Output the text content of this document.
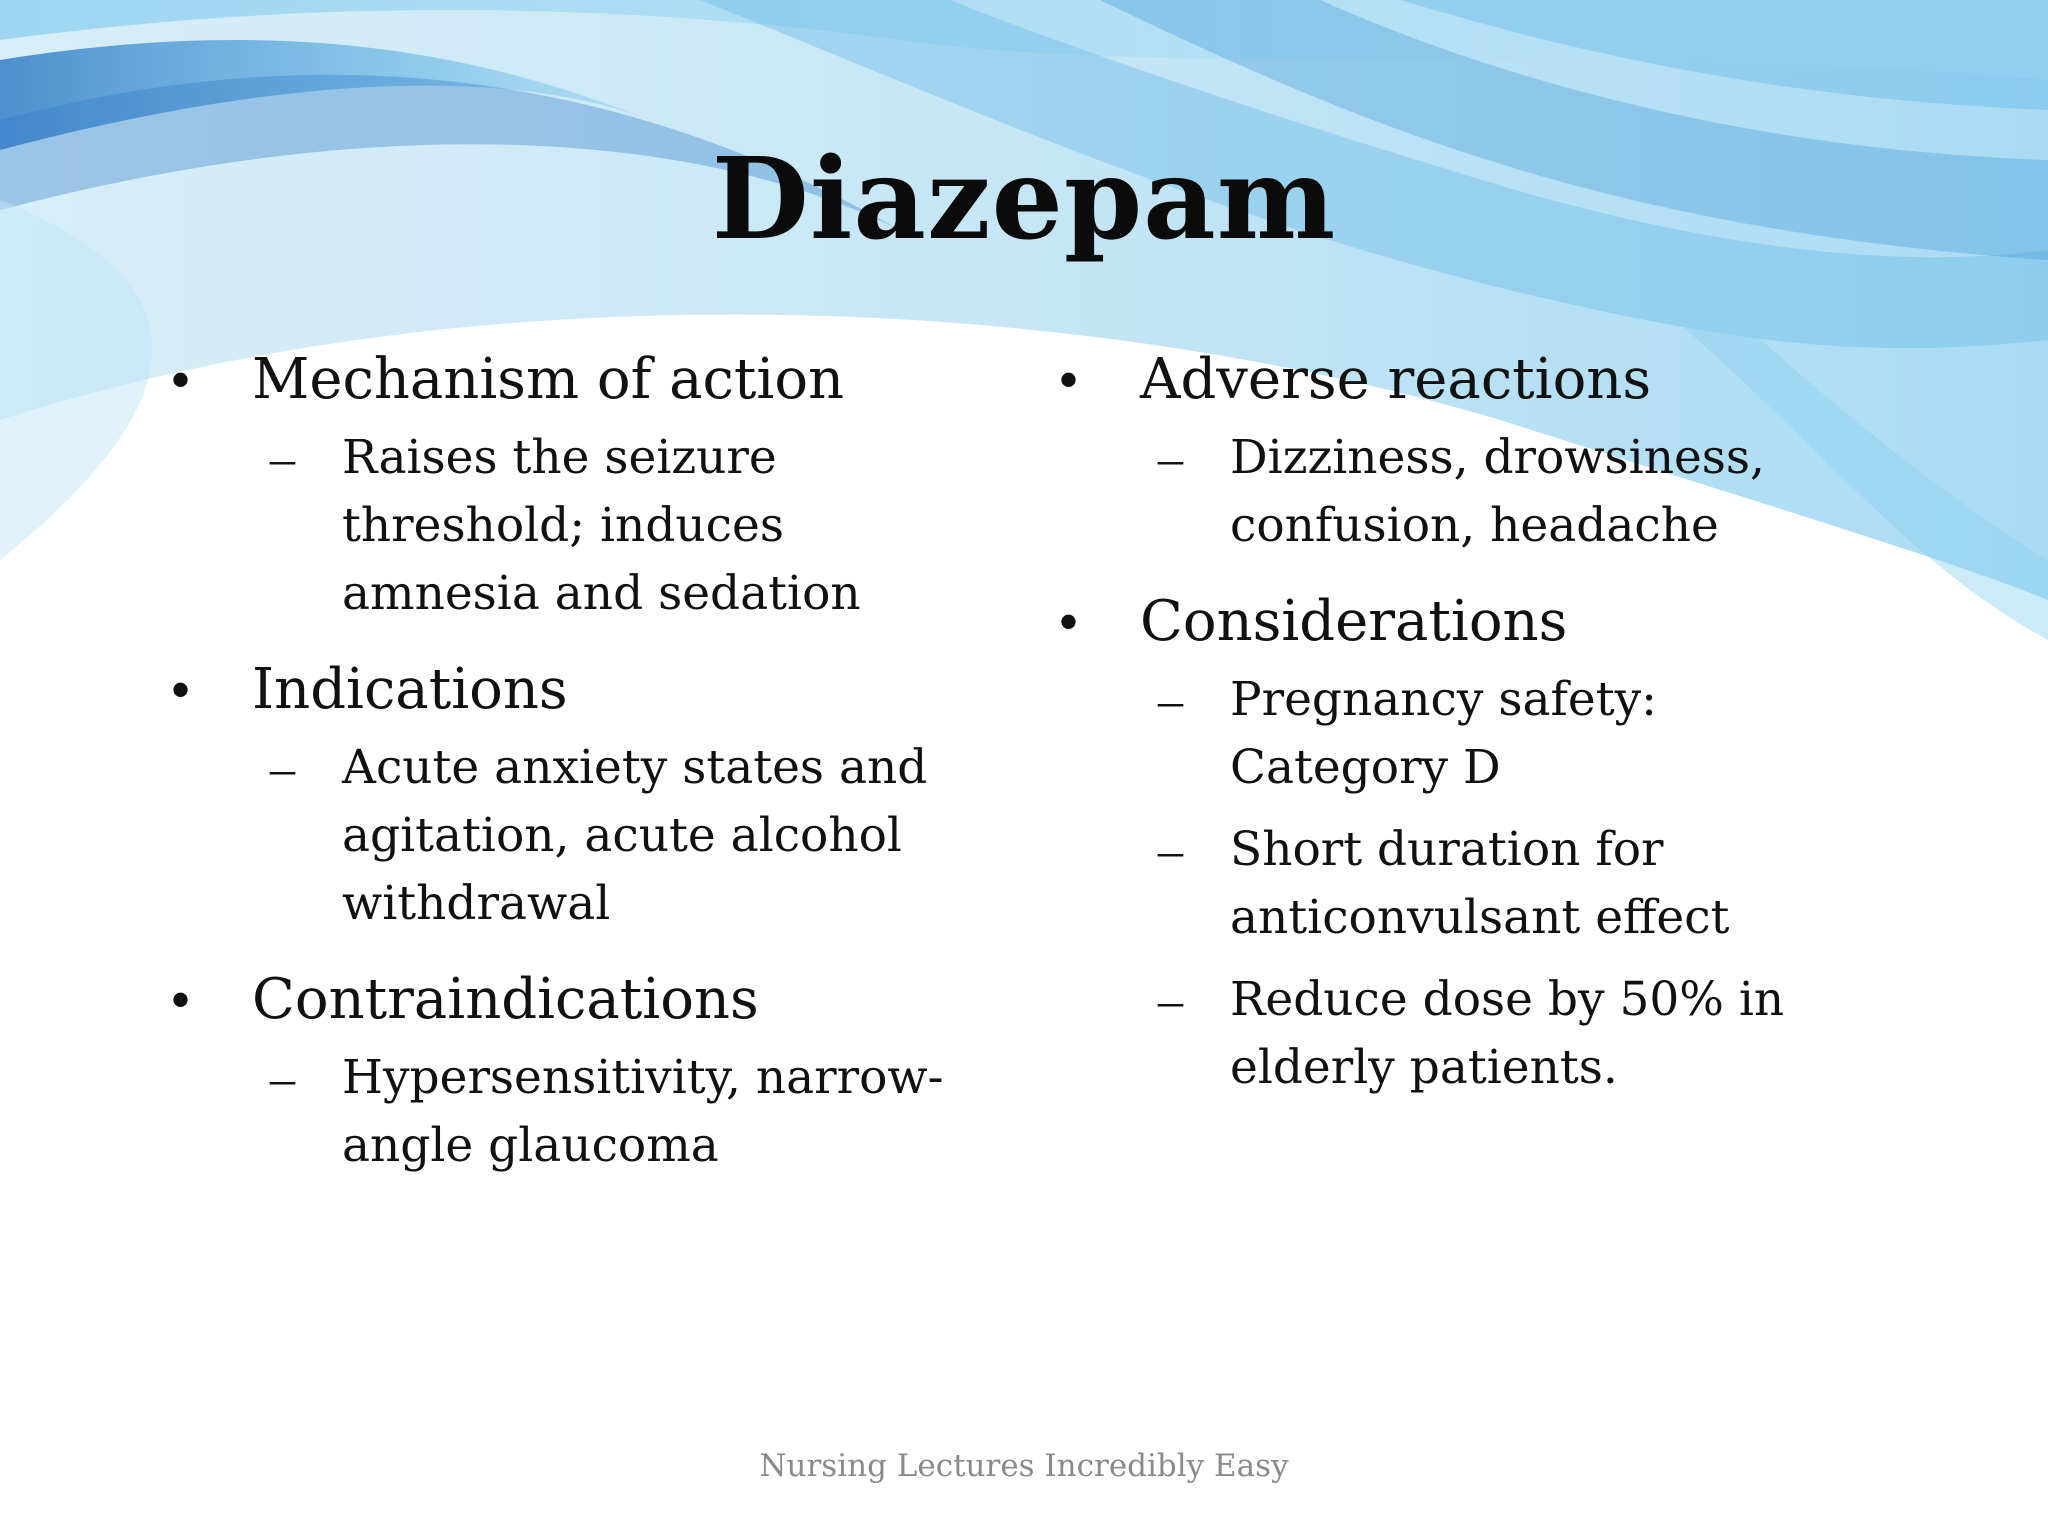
Diazepam
• Mechanism of action
– Raises the seizure threshold; induces amnesia and sedation
• Indications
– Acute anxiety states and agitation, acute alcohol withdrawal
• Contraindications
– Hypersensitivity, narrow-angle glaucoma
• Adverse reactions
– Dizziness, drowsiness, confusion, headache
• Considerations
– Pregnancy safety: Category D
– Short duration for anticonvulsant effect
– Reduce dose by 50% in elderly patients.
Nursing Lectures Incredibly Easy
